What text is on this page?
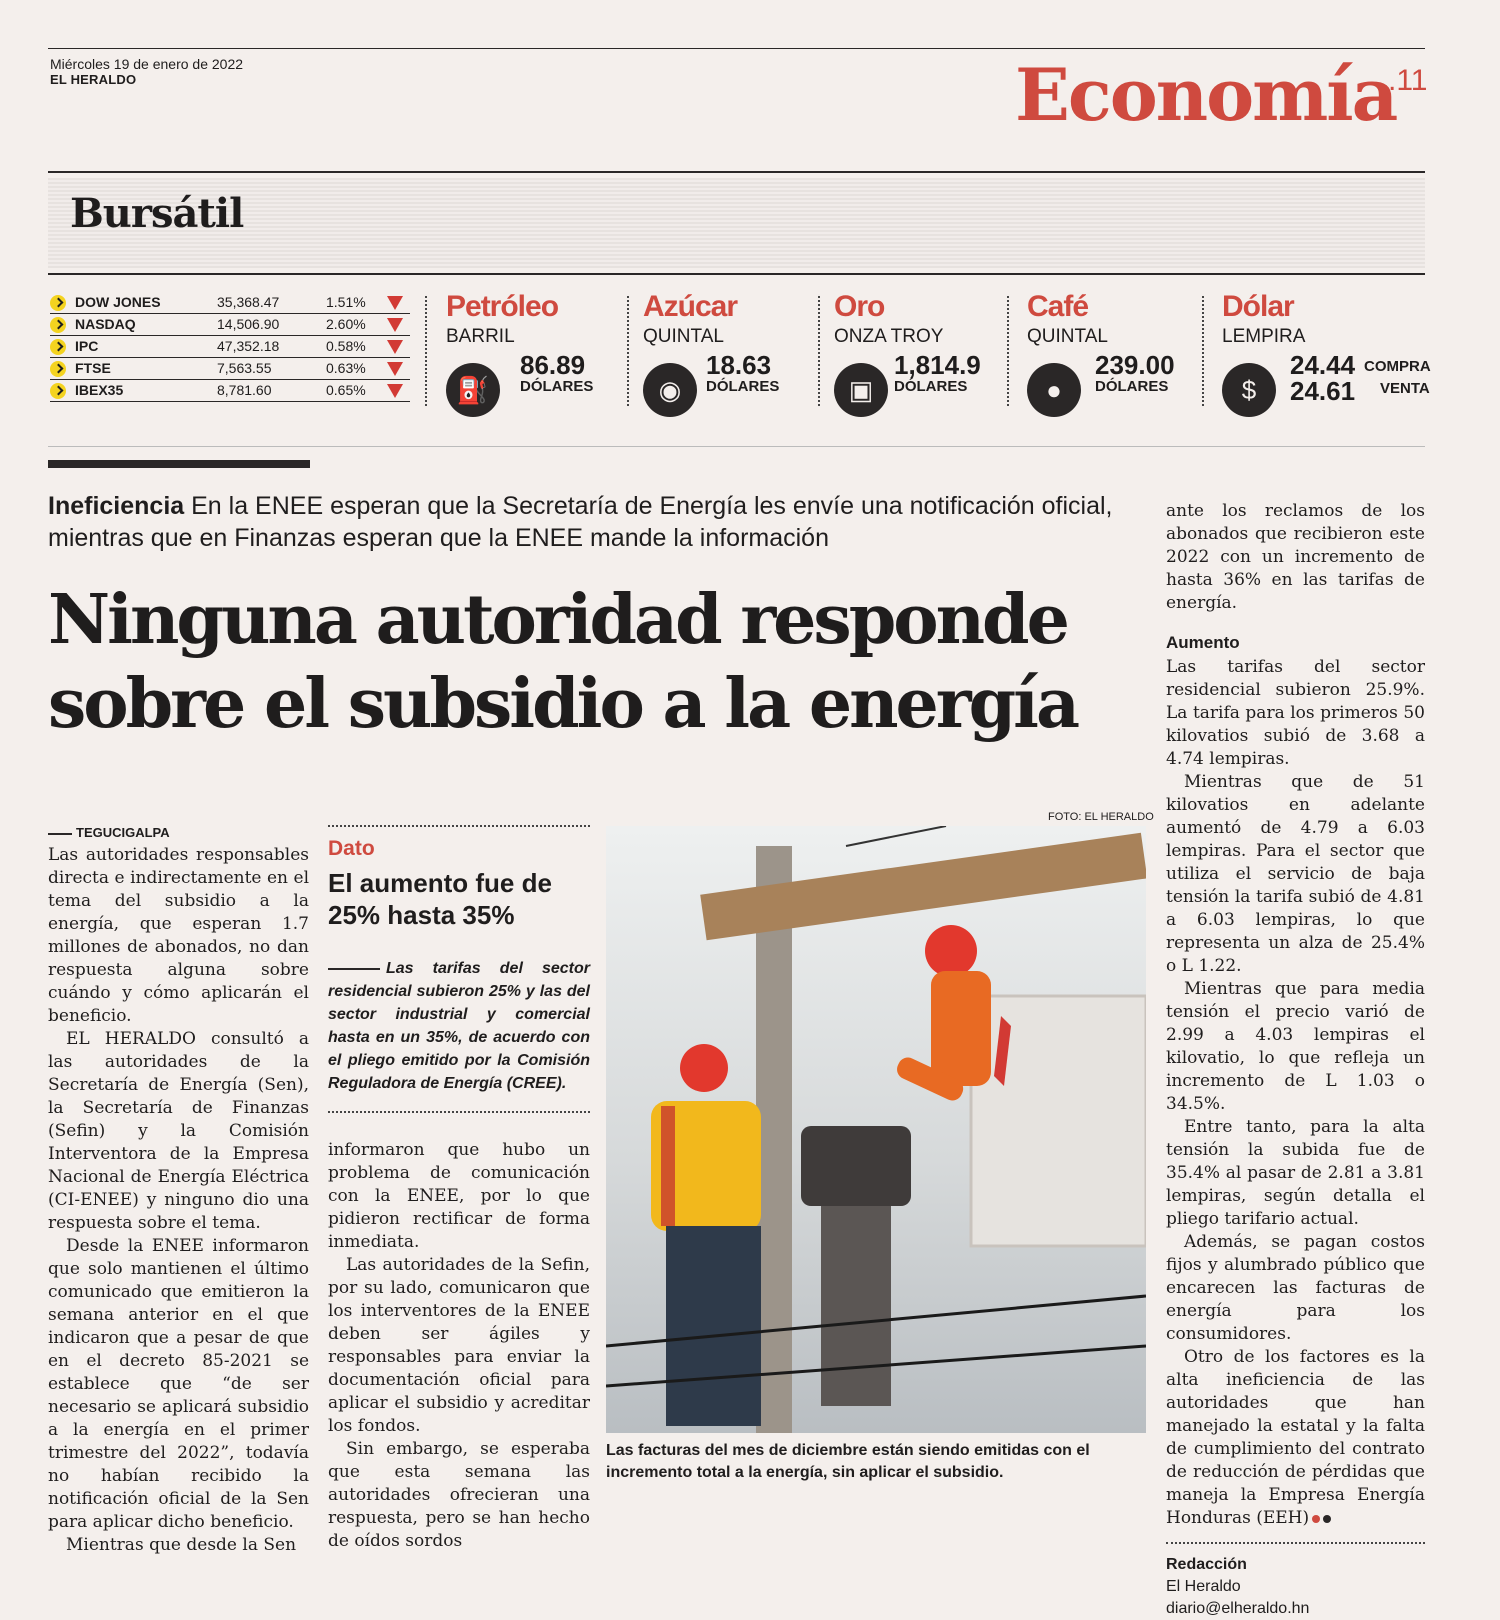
Miércoles 19 de enero de 2022
EL HERALDO	Economía
.11
Bursátil
DOW JONES	35,368.47	1.51%
NASDAQ	14,506.90	2.60%
IPC	47,352.18	0.58%
FTSE	7,563.55	0.63%
IBEX35	8,781.60	0.65%
Petróleo
BARRIL
⛽
86.89
DÓLARES
Azúcar
QUINTAL
◉
18.63
DÓLARES
Oro
ONZA TROY
▣
1,814.9
DÓLARES
Café
QUINTAL
●
239.00
DÓLARES
Dólar
LEMPIRA
$
24.44 COMPRA
24.61 VENTA
Ineficiencia En la ENEE esperan que la Secretaría de Energía les envíe una notificación oficial, mientras que en Finanzas esperan que la ENEE mande la información
Ninguna autoridad responde sobre el subsidio a la energía
TEGUCIGALPA

Las autoridades responsables directa e indirectamente en el tema del subsidio a la energía, que esperan 1.7 millones de abonados, no dan respuesta alguna sobre cuándo y cómo aplicarán el beneficio.

EL HERALDO consultó a las autoridades de la Secretaría de Energía (Sen), la Secretaría de Finanzas (Sefin) y la Comisión Interventora de la Empresa Nacional de Energía Eléctrica (CI-ENEE) y ninguno dio una respuesta sobre el tema.

Desde la ENEE informaron que solo mantienen el último comunicado que emitieron la semana anterior en el que indicaron que a pesar de que en el decreto 85-2021 se establece que “de ser necesario se aplicará subsidio a la energía en el primer trimestre del 2022”, todavía no habían recibido la notificación oficial de la Sen para aplicar dicho beneficio.

Mientras que desde la Sen

Dato
El aumento fue de 25% hasta 35%
Las tarifas del sector residencial subieron 25% y las del sector industrial y comercial hasta en un 35%, de acuerdo con el pliego emitido por la Comisión Reguladora de Energía (CREE).

informaron que hubo un problema de comunicación con la ENEE, por lo que pidieron rectificar de forma inmediata.

Las autoridades de la Sefin, por su lado, comunicaron que los interventores de la ENEE deben ser ágiles y responsables para enviar la documentación oficial para aplicar el subsidio y acreditar los fondos.

Sin embargo, se esperaba que esta semana las autoridades ofrecieran una respuesta, pero se han hecho de oídos sordos

FOTO: EL HERALDO
Las facturas del mes de diciembre están siendo emitidas con el incremento total a la energía, sin aplicar el subsidio.

ante los reclamos de los abonados que recibieron este 2022 con un incremento de hasta 36% en las tarifas de energía.

Aumento

Las tarifas del sector residencial subieron 25.9%. La tarifa para los primeros 50 kilovatios subió de 3.68 a 4.74 lempiras.

Mientras que de 51 kilovatios en adelante aumentó de 4.79 a 6.03 lempiras. Para el sector que utiliza el servicio de baja tensión la tarifa subió de 4.81 a 6.03 lempiras, lo que representa un alza de 25.4% o L 1.22.

Mientras que para media tensión el precio varió de 2.99 a 4.03 lempiras el kilovatio, lo que refleja un incremento de L 1.03 o 34.5%.

Entre tanto, para la alta tensión la subida fue de 35.4% al pasar de 2.81 a 3.81 lempiras, según detalla el pliego tarifario actual.

Además, se pagan costos fijos y alumbrado público que encarecen las facturas de energía para los consumidores.

Otro de los factores es la alta ineficiencia de las autoridades que han manejado la estatal y la falta de cumplimiento del contrato de reducción de pérdidas que maneja la Empresa Energía Honduras (EEH)

Redacción
El Heraldo
diario@elheraldo.hn
